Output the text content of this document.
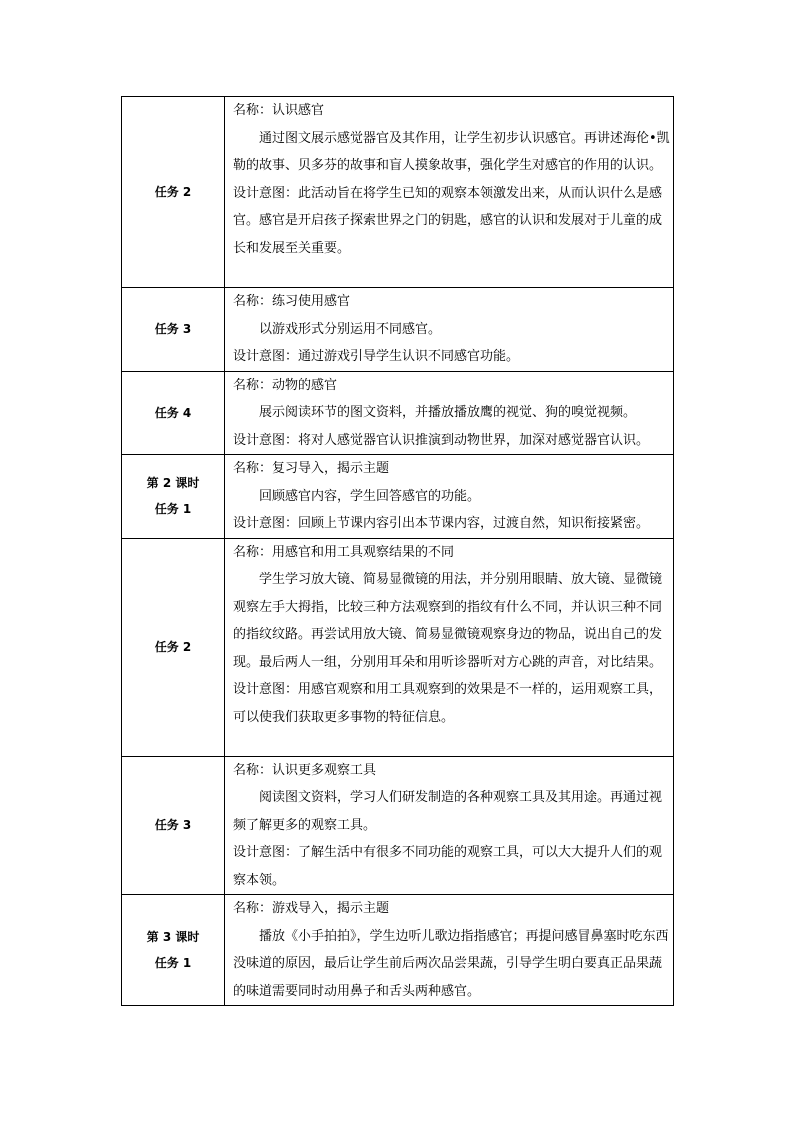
任务 2	名称：认识感官
通过图文展示感觉器官及其作用，让学生初步认识感官。再讲述海伦•凯勒的故事、贝多芬的故事和盲人摸象故事，强化学生对感官的作用的认识。
设计意图：此活动旨在将学生已知的观察本领激发出来，从而认识什么是感官。感官是开启孩子探索世界之门的钥匙，感官的认识和发展对于儿童的成长和发展至关重要。

任务 3	名称：练习使用感官
以游戏形式分别运用不同感官。
设计意图：通过游戏引导学生认识不同感官功能。

任务 4	名称：动物的感官
展示阅读环节的图文资料，并播放播放鹰的视觉、狗的嗅觉视频。
设计意图：将对人感觉器官认识推演到动物世界，加深对感觉器官认识。

第 2 课时
任务 1	名称：复习导入，揭示主题
回顾感官内容，学生回答感官的功能。
设计意图：回顾上节课内容引出本节课内容，过渡自然，知识衔接紧密。

任务 2	名称：用感官和用工具观察结果的不同
学生学习放大镜、简易显微镜的用法，并分别用眼睛、放大镜、显微镜观察左手大拇指，比较三种方法观察到的指纹有什么不同，并认识三种不同的指纹纹路。再尝试用放大镜、简易显微镜观察身边的物品，说出自己的发现。最后两人一组，分别用耳朵和用听诊器听对方心跳的声音，对比结果。
设计意图：用感官观察和用工具观察到的效果是不一样的，运用观察工具，可以使我们获取更多事物的特征信息。

任务 3	名称：认识更多观察工具
阅读图文资料，学习人们研发制造的各种观察工具及其用途。再通过视频了解更多的观察工具。
设计意图：了解生活中有很多不同功能的观察工具，可以大大提升人们的观察本领。

第 3 课时
任务 1	名称：游戏导入，揭示主题
播放《小手拍拍》，学生边听儿歌边指指感官；再提问感冒鼻塞时吃东西没味道的原因，最后让学生前后两次品尝果蔬，引导学生明白要真正品果蔬的味道需要同时动用鼻子和舌头两种感官。
